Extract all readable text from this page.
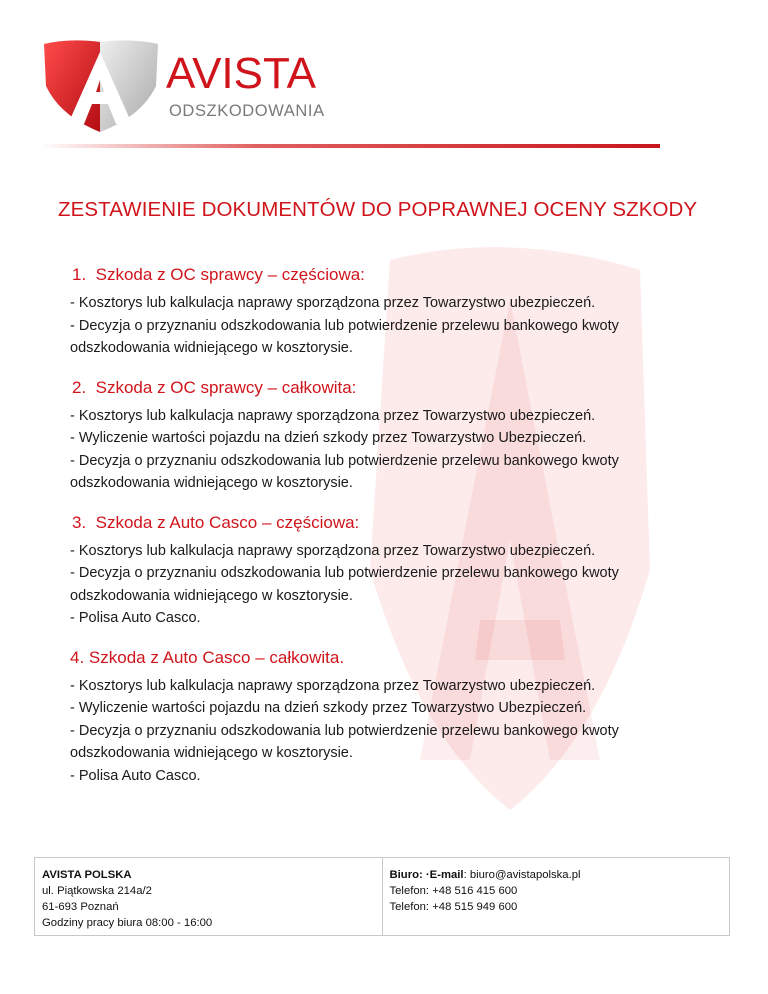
AVISTA
ODSZKODOWANIA
ZESTAWIENIE DOKUMENTÓW DO POPRAWNEJ OCENY SZKODY
1. Szkoda z OC sprawcy – częściowa:
- Kosztorys lub kalkulacja naprawy sporządzona przez Towarzystwo ubezpieczeń.
- Decyzja o przyznaniu odszkodowania lub potwierdzenie przelewu bankowego kwoty
odszkodowania widniejącego w kosztorysie.
2. Szkoda z OC sprawcy – całkowita:
- Kosztorys lub kalkulacja naprawy sporządzona przez Towarzystwo ubezpieczeń.
- Wyliczenie wartości pojazdu na dzień szkody przez Towarzystwo Ubezpieczeń.
- Decyzja o przyznaniu odszkodowania lub potwierdzenie przelewu bankowego kwoty
odszkodowania widniejącego w kosztorysie.
3. Szkoda z Auto Casco – częściowa:
- Kosztorys lub kalkulacja naprawy sporządzona przez Towarzystwo ubezpieczeń.
- Decyzja o przyznaniu odszkodowania lub potwierdzenie przelewu bankowego kwoty
odszkodowania widniejącego w kosztorysie.
- Polisa Auto Casco.
4. Szkoda z Auto Casco – całkowita.
- Kosztorys lub kalkulacja naprawy sporządzona przez Towarzystwo ubezpieczeń.
- Wyliczenie wartości pojazdu na dzień szkody przez Towarzystwo Ubezpieczeń.
- Decyzja o przyznaniu odszkodowania lub potwierdzenie przelewu bankowego kwoty
odszkodowania widniejącego w kosztorysie.
- Polisa Auto Casco.
AVISTA POLSKA
ul. Piątkowska 214a/2
61-693 Poznań
Godziny pracy biura 08:00 - 16:00
Biuro: ·E-mail: biuro@avistapolska.pl
Telefon: +48 516 415 600
Telefon: +48 515 949 600
